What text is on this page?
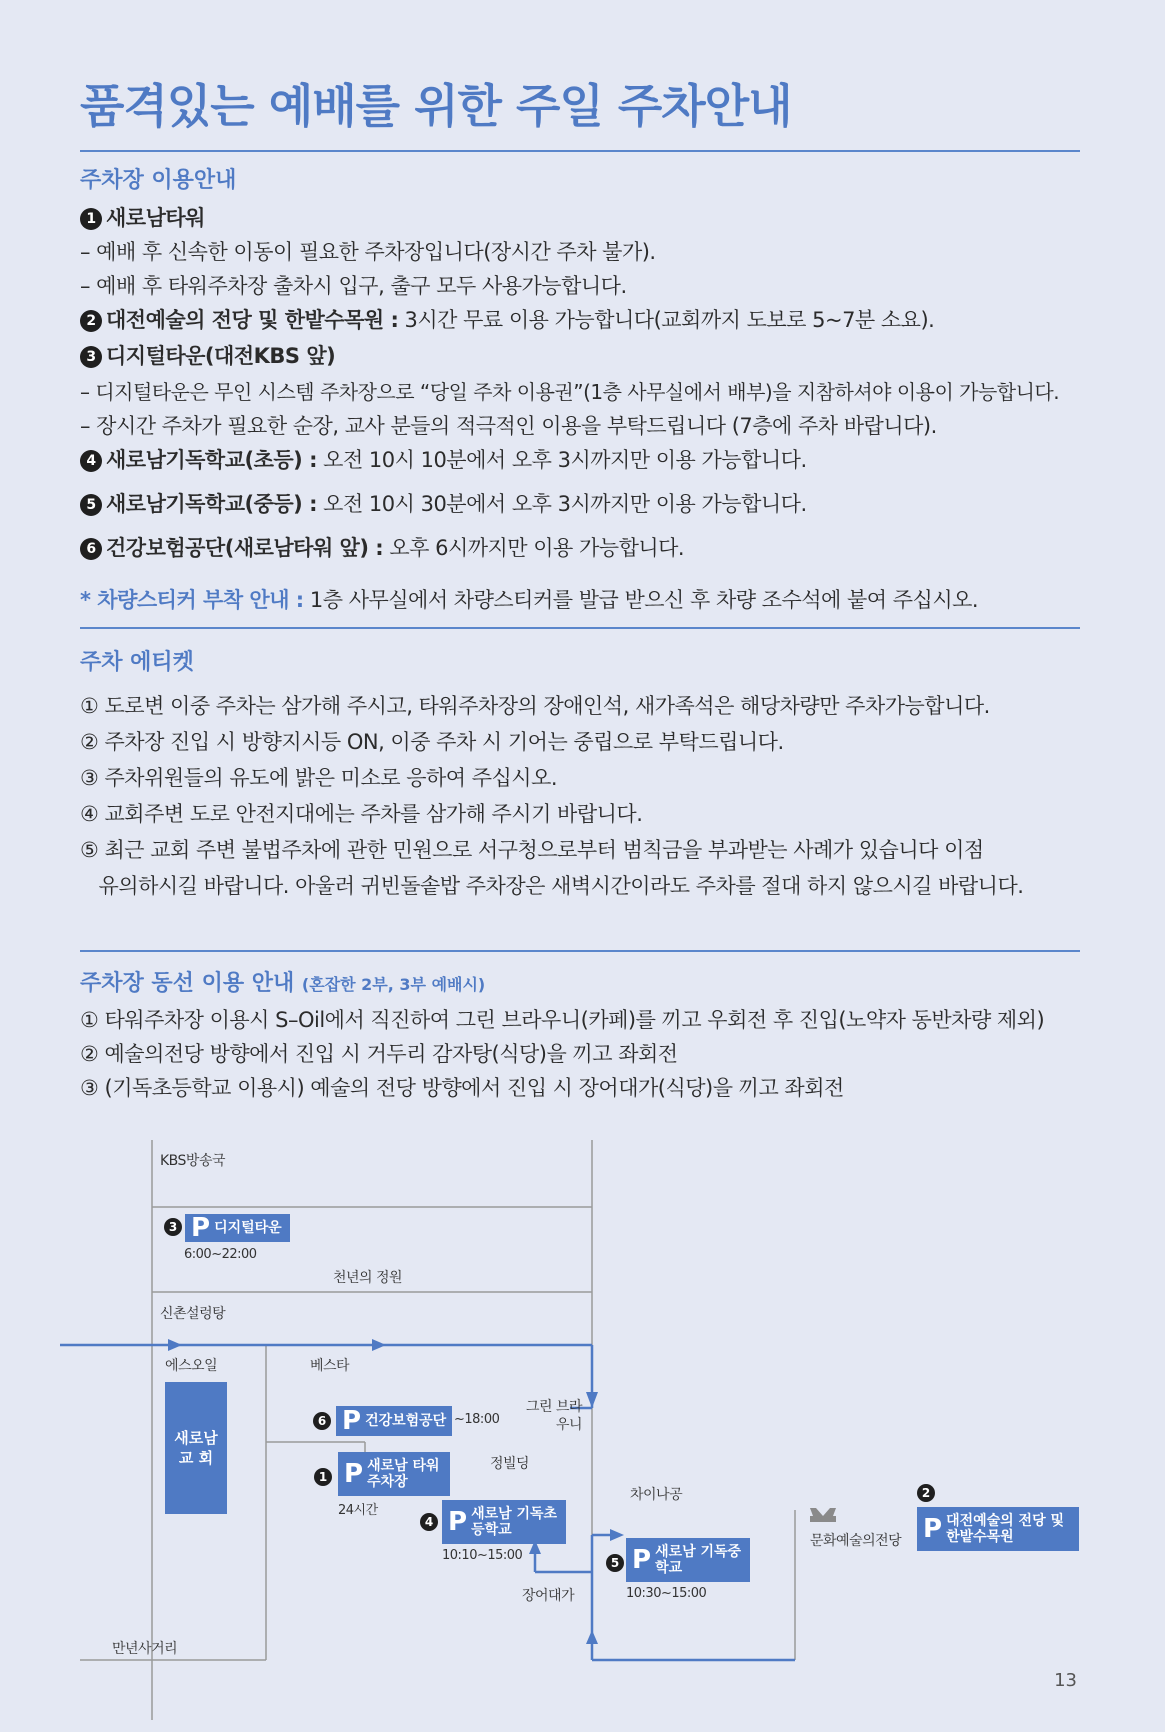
품격있는 예배를 위한 주일 주차안내
주차장 이용안내
1 새로남타워
– 예배 후 신속한 이동이 필요한 주차장입니다(장시간 주차 불가).
– 예배 후 타워주차장 출차시 입구, 출구 모두 사용가능합니다.
2 대전예술의 전당 및 한밭수목원 : 3시간 무료 이용 가능합니다(교회까지 도보로 5~7분 소요).
3 디지털타운(대전KBS 앞)
– 디지털타운은 무인 시스템 주차장으로 “당일 주차 이용권”(1층 사무실에서 배부)을 지참하셔야 이용이 가능합니다.
– 장시간 주차가 필요한 순장, 교사 분들의 적극적인 이용을 부탁드립니다 (7층에 주차 바랍니다).
4 새로남기독학교(초등) : 오전 10시 10분에서 오후 3시까지만 이용 가능합니다.
5 새로남기독학교(중등) : 오전 10시 30분에서 오후 3시까지만 이용 가능합니다.
6 건강보험공단(새로남타워 앞) : 오후 6시까지만 이용 가능합니다.
* 차량스티커 부착 안내 : 1층 사무실에서 차량스티커를 발급 받으신 후 차량 조수석에 붙여 주십시오.
주차 에티켓
① 도로변 이중 주차는 삼가해 주시고, 타워주차장의 장애인석, 새가족석은 해당차량만 주차가능합니다.
② 주차장 진입 시 방향지시등 ON, 이중 주차 시 기어는 중립으로 부탁드립니다.
③ 주차위원들의 유도에 밝은 미소로 응하여 주십시오.
④ 교회주변 도로 안전지대에는 주차를 삼가해 주시기 바랍니다.
⑤ 최근 교회 주변 불법주차에 관한 민원으로 서구청으로부터 범칙금을 부과받는 사례가 있습니다 이점
유의하시길 바랍니다. 아울러 귀빈돌솥밥 주차장은 새벽시간이라도 주차를 절대 하지 않으시길 바랍니다.
주차장 동선 이용 안내 (혼잡한 2부, 3부 예배시)
① 타워주차장 이용시 S–Oil에서 직진하여 그린 브라우니(카페)를 끼고 우회전 후 진입(노약자 동반차량 제외)
② 예술의전당 방향에서 진입 시 거두리 감자탕(식당)을 끼고 좌회전
③ (기독초등학교 이용시) 예술의 전당 방향에서 진입 시 장어대가(식당)을 끼고 좌회전
KBS방송국
3 P 디지털타운
6:00~22:00
천년의 정원
신촌설렁탕
에스오일	베스타
새로남 교 회
6 P 건강보험공단 ~18:00
그린 브라우니
정빌딩
1 P 새로남 타워 주차장
24시간
4 P 새로남 기독초등학교
10:10~15:00
차이나공
5 P 새로남 기독중학교
10:30~15:00
장어대가
문화예술의전당
2
P 대전예술의 전당 및 한밭수목원
만년사거리
13
